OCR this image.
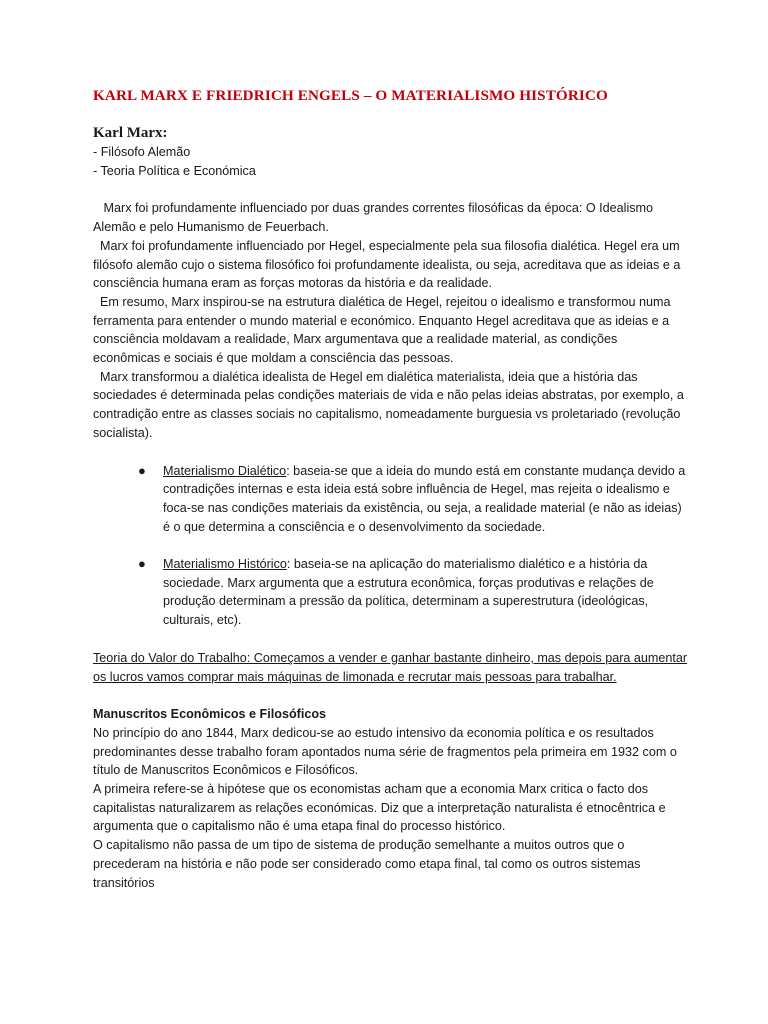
KARL MARX E FRIEDRICH ENGELS – O MATERIALISMO HISTÓRICO
Karl Marx:

- Filósofo Alemão

- Teoria Política e Económica

Marx foi profundamente influenciado por duas grandes correntes filosóficas da época: O Idealismo Alemão e pelo Humanismo de Feuerbach.

Marx foi profundamente influenciado por Hegel, especialmente pela sua filosofia dialética. Hegel era um filósofo alemão cujo o sistema filosófico foi profundamente idealista, ou seja, acreditava que as ideias e a consciência humana eram as forças motoras da história e da realidade.

Em resumo, Marx inspirou-se na estrutura dialética de Hegel, rejeitou o idealismo e transformou numa ferramenta para entender o mundo material e económico. Enquanto Hegel acreditava que as ideias e a consciência moldavam a realidade, Marx argumentava que a realidade material, as condições econômicas e sociais é que moldam a consciência das pessoas.

Marx transformou a dialética idealista de Hegel em dialética materialista, ideia que a história das sociedades é determinada pelas condições materiais de vida e não pelas ideias abstratas, por exemplo, a contradição entre as classes sociais no capitalismo, nomeadamente burguesia vs proletariado (revolução socialista).

● Materialismo Dialético: baseia-se que a ideia do mundo está em constante mudança devido a contradições internas e esta ideia está sobre influência de Hegel, mas rejeita o idealismo e foca-se nas condições materiais da existência, ou seja, a realidade material (e não as ideias) é o que determina a consciência e o desenvolvimento da sociedade.
● Materialismo Histórico: baseia-se na aplicação do materialismo dialético e a história da sociedade. Marx argumenta que a estrutura econômica, forças produtivas e relações de produção determinam a pressão da política, determinam a superestrutura (ideológicas, culturais, etc).

Teoria do Valor do Trabalho: Começamos a vender e ganhar bastante dinheiro, mas depois para aumentar os lucros vamos comprar mais máquinas de limonada e recrutar mais pessoas para trabalhar.

Manuscritos Econômicos e Filosóficos

No princípio do ano 1844, Marx dedicou-se ao estudo intensivo da economia política e os resultados predominantes desse trabalho foram apontados numa série de fragmentos pela primeira em 1932 com o título de Manuscritos Econômicos e Filosóficos.

A primeira refere-se à hipótese que os economistas acham que a economia Marx critica o facto dos capitalistas naturalizarem as relações económicas. Diz que a interpretação naturalista é etnocêntrica e argumenta que o capitalismo não é uma etapa final do processo histórico.

O capitalismo não passa de um tipo de sistema de produção semelhante a muitos outros que o precederam na história e não pode ser considerado como etapa final, tal como os outros sistemas transitórios
